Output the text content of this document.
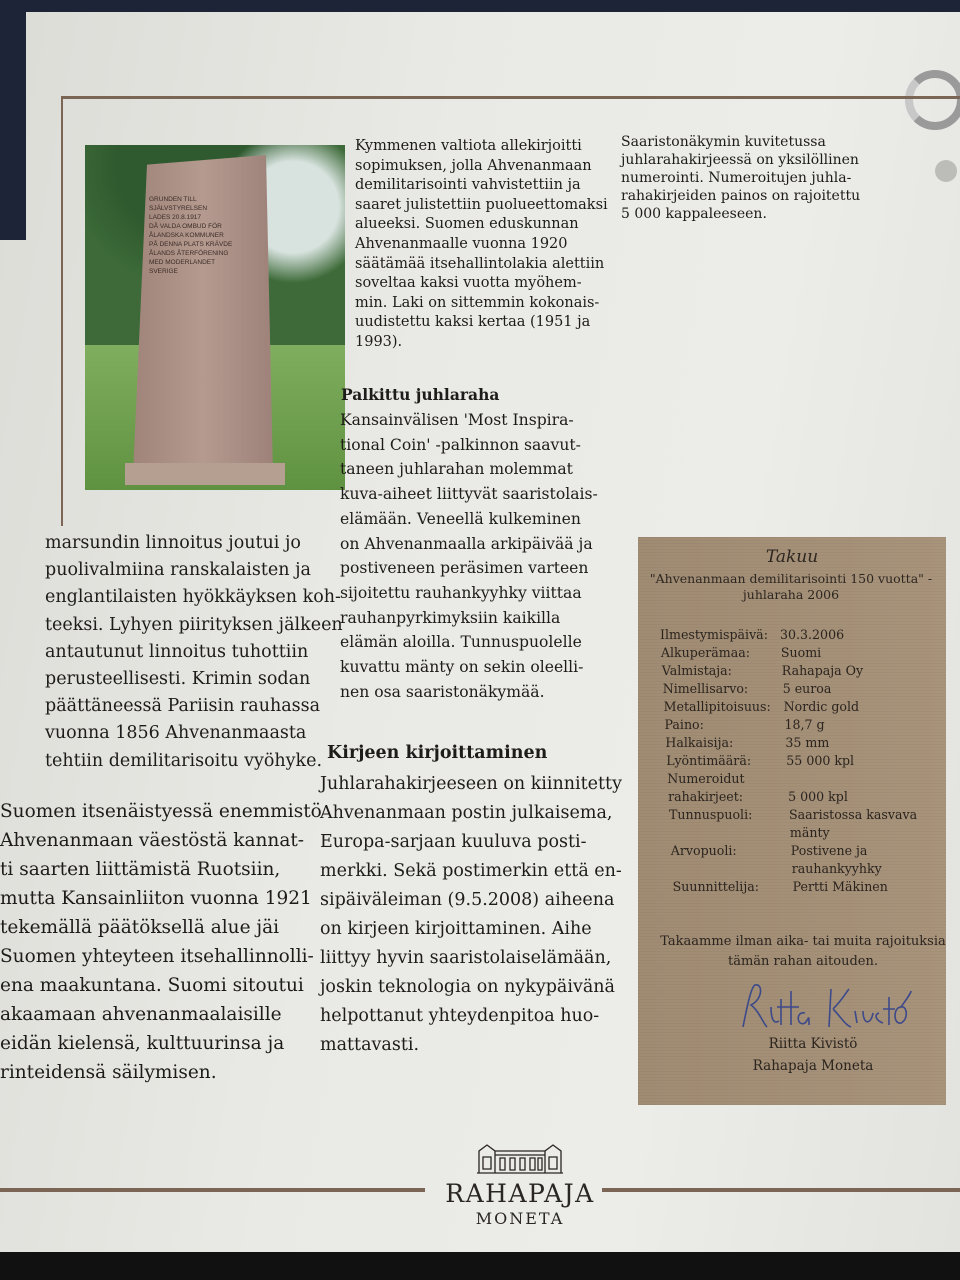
GRUNDEN TILL
SJÄLVSTYRELSEN
LADES 20.8.1917
DÅ VALDA OMBUD FÖR
ÅLANDSKA KOMMUNER
PÅ DENNA PLATS KRÄVDE
ÅLANDS ÅTERFÖRENING
MED MODERLANDET
SVERIGE
Kymmenen valtiota allekirjoitti
sopimuksen, jolla Ahvenanmaan
demilitarisointi vahvistettiin ja
saaret julistettiin puolueettomaksi
alueeksi. Suomen eduskunnan
Ahvenanmaalle vuonna 1920
säätämää itsehallintolakia alettiin
soveltaa kaksi vuotta myöhem-
min. Laki on sittemmin kokonais-
uudistettu kaksi kertaa (1951 ja
1993).
Palkittu juhlaraha
Kansainvälisen 'Most Inspira-
tional Coin' -palkinnon saavut-
taneen juhlarahan molemmat
kuva-aiheet liittyvät saaristolais-
elämään. Veneellä kulkeminen
on Ahvenanmaalla arkipäivää ja
postiveneen peräsimen varteen
sijoitettu rauhankyyhky viittaa
rauhanpyrkimyksiin kaikilla
elämän aloilla. Tunnuspuolelle
kuvattu mänty on sekin oleelli-
nen osa saaristonäkymää.
Kirjeen kirjoittaminen
Juhlarahakirjeeseen on kiinnitetty
Ahvenanmaan postin julkaisema,
Europa-sarjaan kuuluva posti-
merkki. Sekä postimerkin että en-
sipäiväleiman (9.5.2008) aiheena
on kirjeen kirjoittaminen. Aihe
liittyy hyvin saaristolaiselämään,
joskin teknologia on nykypäivänä
helpottanut yhteydenpitoa huo-
mattavasti.
Saaristonäkymin kuvitetussa
juhlarahakirjeessä on yksilöllinen
numerointi. Numeroitujen juhla-
rahakirjeiden painos on rajoitettu
5 000 kappaleeseen.
marsundin linnoitus joutui jo
puolivalmiina ranskalaisten ja
englantilaisten hyökkäyksen koh-
teeksi. Lyhyen piirityksen jälkeen
antautunut linnoitus tuhottiin
perusteellisesti. Krimin sodan
päättäneessä Pariisin rauhassa
vuonna 1856 Ahvenanmaasta
tehtiin demilitarisoitu vyöhyke.
Suomen itsenäistyessä enemmistö
Ahvenanmaan väestöstä kannat-
ti saarten liittämistä Ruotsiin,
mutta Kansainliiton vuonna 1921
tekemällä päätöksellä alue jäi
Suomen yhteyteen itsehallinnolli-
ena maakuntana. Suomi sitoutui
akaamaan ahvenanmaalaisille
eidän kielensä, kulttuurinsa ja
rinteidensä säilymisen.
Takuu
"Ahvenanmaan demilitarisointi 150 vuotta" -juhlaraha 2006
Ilmestymispäivä: 30.3.2006
Alkuperämaa:	Suomi
Valmistaja:	Rahapaja Oy
Nimellisarvo:	5 euroa
Metallipitoisuus:	Nordic gold
Paino:	18,7 g
Halkaisija:	35 mm
Lyöntimäärä:	55 000 kpl
Numeroidut
rahakirjeet:	5 000 kpl
Tunnuspuoli:	Saaristossa kasvava
mänty
Arvopuoli:	Postivene ja
rauhankyyhky
Suunnittelija:	Pertti Mäkinen
Takaamme ilman aika- tai muita rajoituksia tämän rahan aitouden.
Riitta Kivistö
Rahapaja Moneta
RAHAPAJA
MONETA
